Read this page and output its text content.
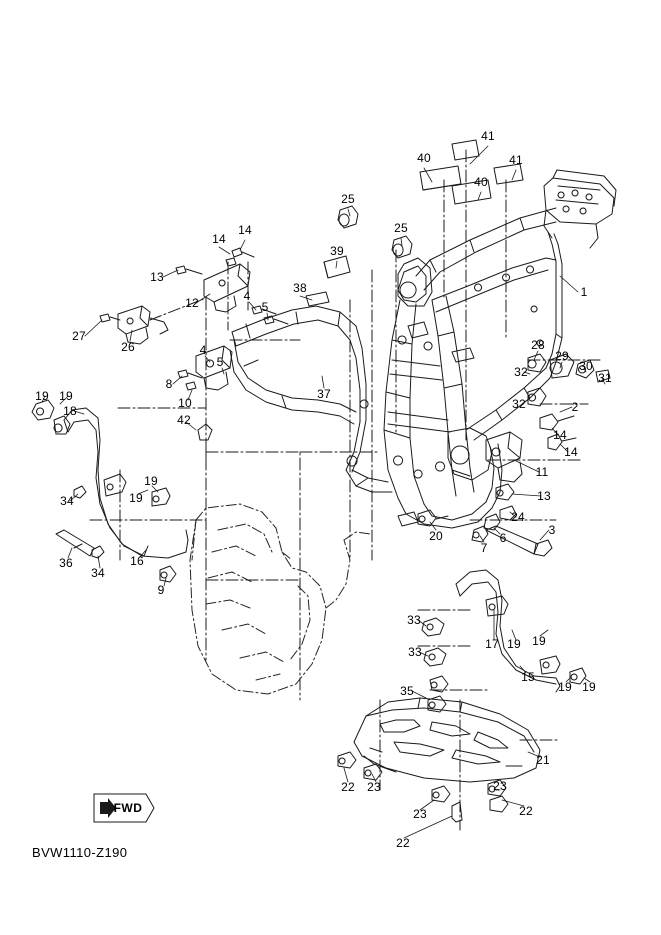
FWD
BVW1110-Z190
41
40
40
41
1
25
25
39
14
14
13
12
38
4
5
27
26	4
5
8
10
37
28
29
30
31
32
2
32
14
14
11
13
24
3
7
6
20
19 19
18
34
19
19
16
9
36
34
42
33
33
17 19 19
19 19
15
35
21
22 23
23
22
22
23
